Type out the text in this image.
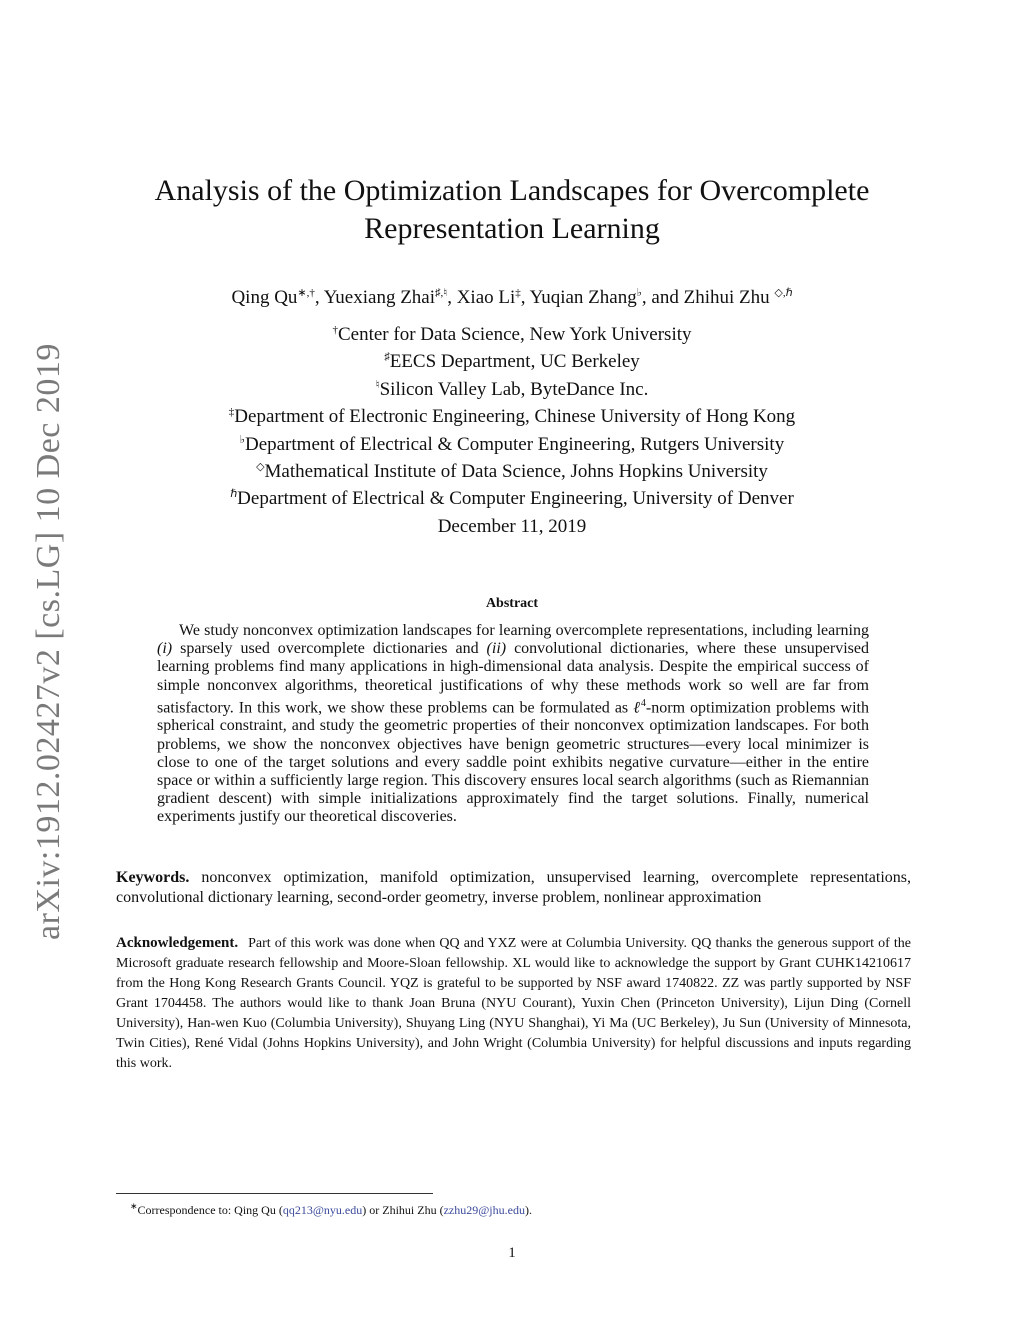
arXiv:1912.02427v2 [cs.LG] 10 Dec 2019
Analysis of the Optimization Landscapes for Overcomplete
Representation Learning
Qing Qu∗,†, Yuexiang Zhai♯,♮, Xiao Li‡, Yuqian Zhang♭, and Zhihui Zhu $^{◇,\hbar}$
†Center for Data Science, New York University
♯EECS Department, UC Berkeley
♮Silicon Valley Lab, ByteDance Inc.
‡Department of Electronic Engineering, Chinese University of Hong Kong
♭Department of Electrical & Computer Engineering, Rutgers University
◇Mathematical Institute of Data Science, Johns Hopkins University
$^\hbar$Department of Electrical & Computer Engineering, University of Denver
December 11, 2019
Abstract

We study nonconvex optimization landscapes for learning overcomplete representations, including learning (i) sparsely used overcomplete dictionaries and (ii) convolutional dictionaries, where these unsupervised learning problems find many applications in high-dimensional data analysis. Despite the empirical success of simple nonconvex algorithms, theoretical justifications of why these methods work so well are far from satisfactory. In this work, we show these problems can be formulated as ℓ$^4$-norm optimization problems with spherical constraint, and study the geometric properties of their nonconvex optimization landscapes. For both problems, we show the nonconvex objectives have benign geometric structures—every local minimizer is close to one of the target solutions and every saddle point exhibits negative curvature—either in the entire space or within a sufficiently large region. This discovery ensures local search algorithms (such as Riemannian gradient descent) with simple initializations approximately find the target solutions. Finally, numerical experiments justify our theoretical discoveries.

Keywords. nonconvex optimization, manifold optimization, unsupervised learning, overcomplete representations, convolutional dictionary learning, second-order geometry, inverse problem, nonlinear approximation

Acknowledgement. Part of this work was done when QQ and YXZ were at Columbia University. QQ thanks the generous support of the Microsoft graduate research fellowship and Moore-Sloan fellowship. XL would like to acknowledge the support by Grant CUHK14210617 from the Hong Kong Research Grants Council. YQZ is grateful to be supported by NSF award 1740822. ZZ was partly supported by NSF Grant 1704458. The authors would like to thank Joan Bruna (NYU Courant), Yuxin Chen (Princeton University), Lijun Ding (Cornell University), Han-wen Kuo (Columbia University), Shuyang Ling (NYU Shanghai), Yi Ma (UC Berkeley), Ju Sun (University of Minnesota, Twin Cities), René Vidal (Johns Hopkins University), and John Wright (Columbia University) for helpful discussions and inputs regarding this work.

∗Correspondence to: Qing Qu (qq213@nyu.edu) or Zhihui Zhu (zzhu29@jhu.edu).
1
